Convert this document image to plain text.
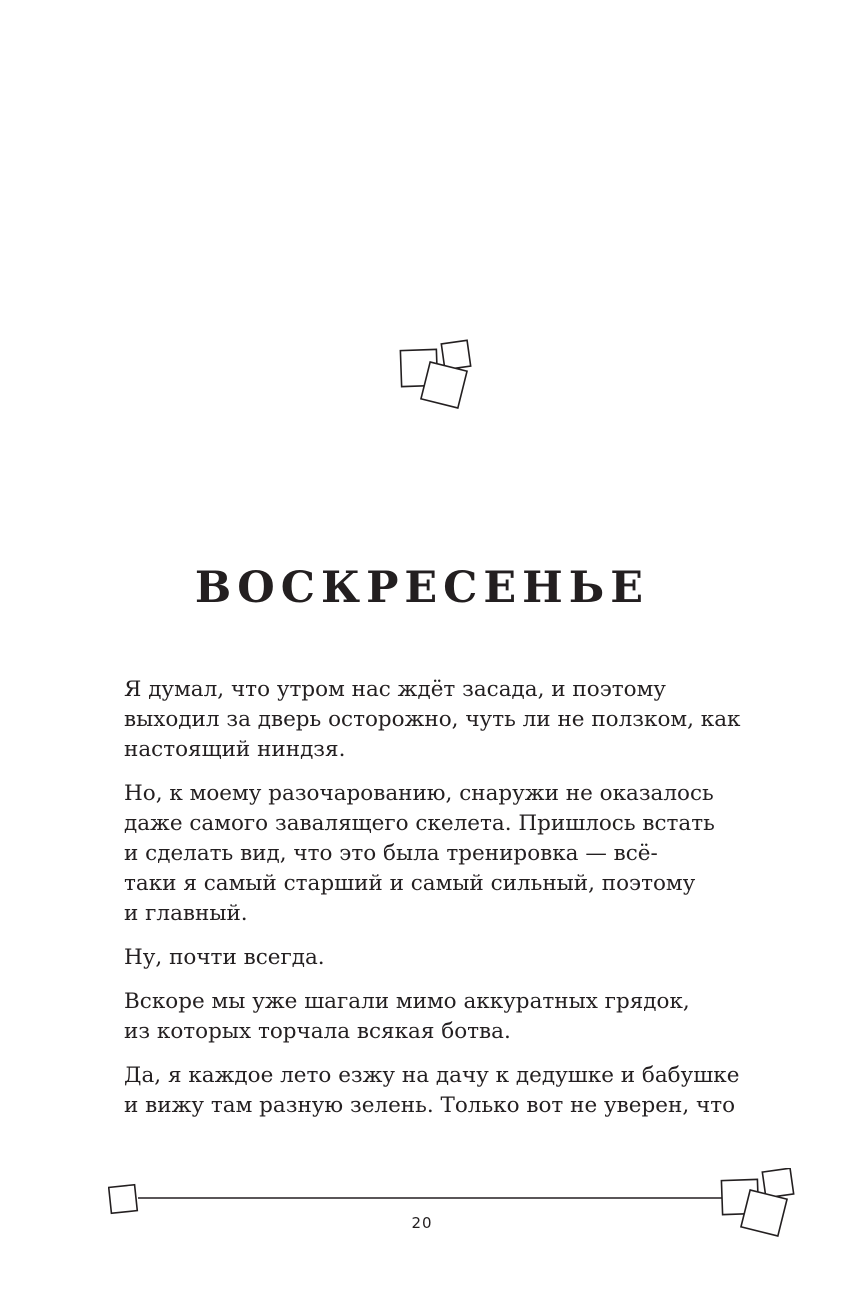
ВОСКРЕСЕНЬЕ

Я думал, что утром нас ждёт засада, и поэтому
выходил за дверь осторожно, чуть ли не ползком, как
настоящий ниндзя.

Но, к моему разочарованию, снаружи не оказалось
даже самого завалящего скелета. Пришлось встать
и сделать вид, что это была тренировка — всё-
таки я самый старший и самый сильный, поэтому
и главный.

Ну, почти всегда.

Вскоре мы уже шагали мимо аккуратных грядок,
из которых торчала всякая ботва.

Да, я каждое лето езжу на дачу к дедушке и бабушке
и вижу там разную зелень. Только вот не уверен, что

20
